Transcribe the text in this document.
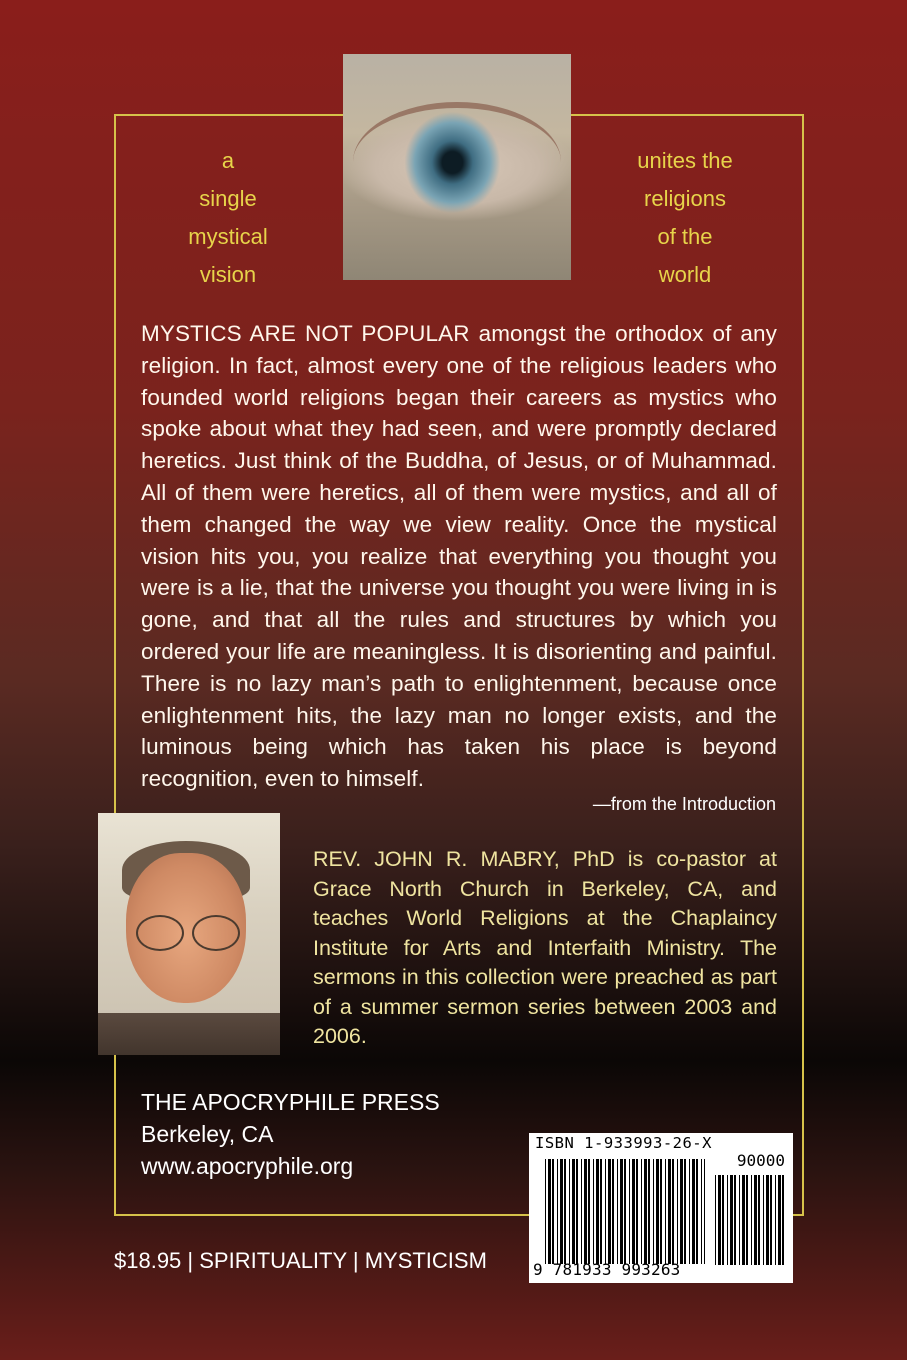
a
single
mystical
vision
unites the
religions
of the
world
MYSTICS ARE NOT POPULAR amongst the orthodox of any religion. In fact, almost every one of the religious leaders who founded world religions began their careers as mystics who spoke about what they had seen, and were promptly declared heretics. Just think of the Buddha, of Jesus, or of Muhammad. All of them were heretics, all of them were mystics, and all of them changed the way we view reality. Once the mystical vision hits you, you realize that everything you thought you were is a lie, that the universe you thought you were living in is gone, and that all the rules and structures by which you ordered your life are meaningless. It is disorienting and painful. There is no lazy man’s path to enlightenment, because once enlightenment hits, the lazy man no longer exists, and the luminous being which has taken his place is beyond recognition, even to himself.
—from the Introduction
REV. JOHN R. MABRY, PhD is co-pastor at Grace North Church in Berkeley, CA, and teaches World Religions at the Chaplaincy Institute for Arts and Interfaith Ministry. The sermons in this collection were preached as part of a summer sermon series between 2003 and 2006.
THE APOCRYPHILE PRESS
Berkeley, CA
www.apocryphile.org
ISBN 1-933993-26-X
90000
9 781933 993263
$18.95 | SPIRITUALITY | MYSTICISM
